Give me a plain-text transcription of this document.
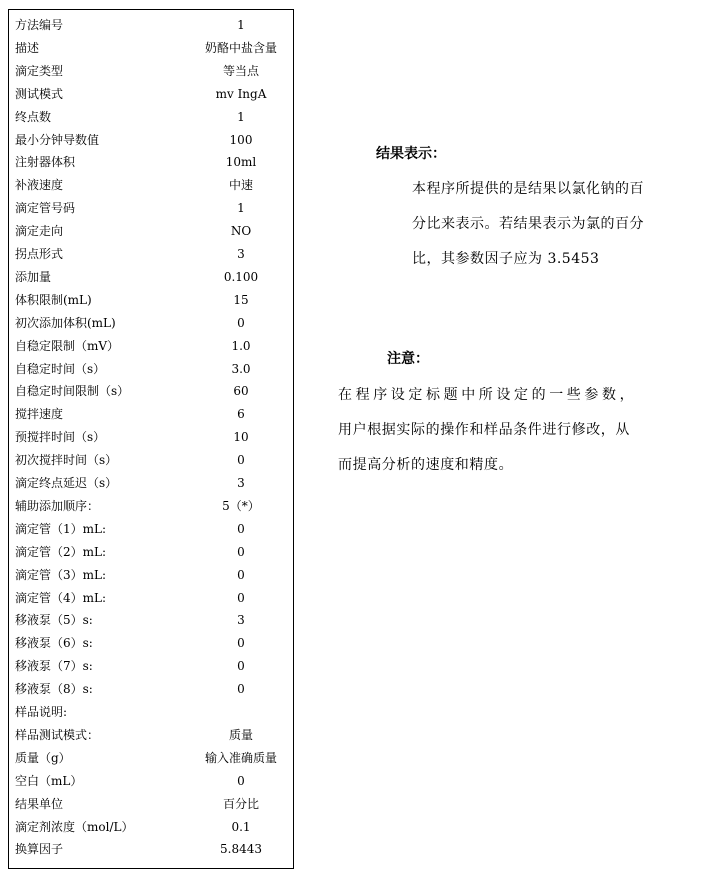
方法编号	1
描述	奶酪中盐含量
滴定类型	等当点
测试模式	mv IngA
终点数	1
最小分钟导数值	100
注射器体积	10ml
补液速度	中速
滴定管号码	1
滴定走向	NO
拐点形式	3
添加量	0.100
体积限制(mL)	15
初次添加体积(mL)	0
自稳定限制（mV）	1.0
自稳定时间（s）	3.0
自稳定时间限制（s）	60
搅拌速度	6
预搅拌时间（s）	10
初次搅拌时间（s）	0
滴定终点延迟（s）	3
辅助添加顺序：	5（*）
滴定管（1）mL:	0
滴定管（2）mL:	0
滴定管（3）mL:	0
滴定管（4）mL:	0
移液泵（5）s:	3
移液泵（6）s:	0
移液泵（7）s:	0
移液泵（8）s:	0
样品说明:
样品测试模式：	质量
质量（g）	输入准确质量
空白（mL）	0
结果单位	百分比
滴定剂浓度（mol/L）	0.1
换算因子	5.8443
结果表示：
本程序所提供的是结果以氯化钠的百
分比来表示。若结果表示为氯的百分
比，其参数因子应为 3.5453
注意：
在程序设定标题中所设定的一些参数，
用户根据实际的操作和样品条件进行修改，从
而提高分析的速度和精度。
